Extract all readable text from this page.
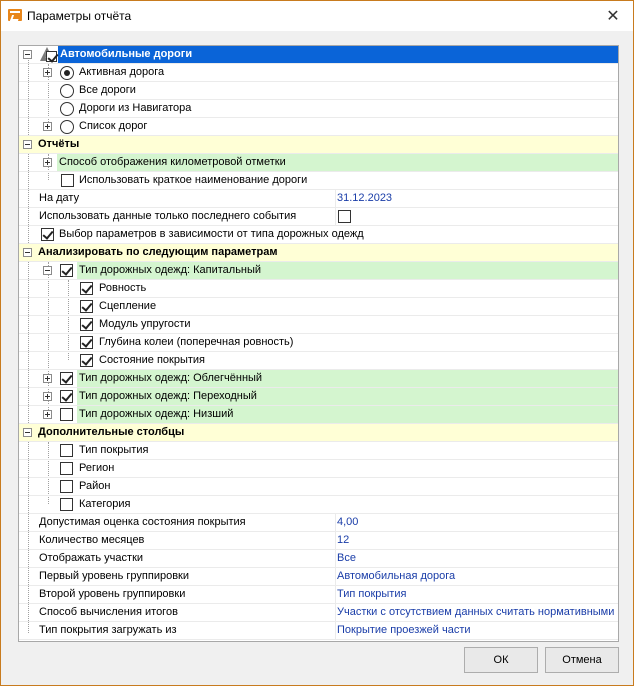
Параметры отчёта	✕
!
Автомобильные дороги
Активная дорога
Все дороги
Дороги из Навигатора
Список дорог
Отчёты
Способ отображения километровой отметки
Использовать краткое наименование дороги
На дату	31.12.2023
Использовать данные только последнего события
Выбор параметров в зависимости от типа дорожных одежд
Анализировать по следующим параметрам
Тип дорожных одежд: Капитальный
Ровность
Сцепление
Модуль упругости
Глубина колеи (поперечная ровность)
Состояние покрытия
Тип дорожных одежд: Облегчённый
Тип дорожных одежд: Переходный
Тип дорожных одежд: Низший
Дополнительные столбцы
Тип покрытия
Регион
Район
Категория
Допустимая оценка состояния покрытия	4,00
Количество месяцев	12
Отображать участки	Все
Первый уровень группировки	Автомобильная дорога
Второй уровень группировки	Тип покрытия
Способ вычисления итогов	Участки с отсутствием данных считать нормативными
Тип покрытия загружать из	Покрытие проезжей части
ОК	Отмена
